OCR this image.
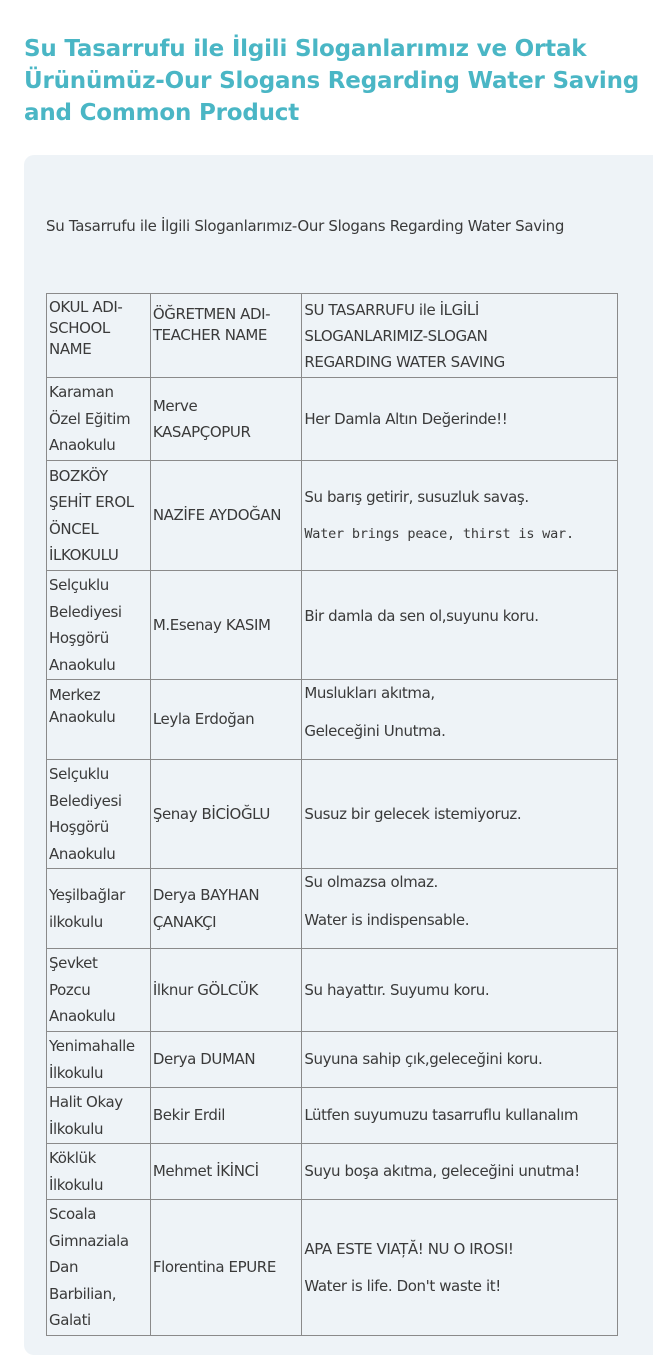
Su Tasarrufu ile İlgili Sloganlarımız ve Ortak Ürünümüz-Our Slogans Regarding Water Saving and Common Product

Su Tasarrufu ile İlgili Sloganlarımız-Our Slogans Regarding Water Saving

OKUL ADI-
SCHOOL
NAME	ÖĞRETMEN ADI-
TEACHER NAME	SU TASARRUFU ile İLGİLİ
SLOGANLARIMIZ-SLOGAN
REGARDING WATER SAVING

Karaman
Özel Eğitim
Anaokulu	Merve
KASAPÇOPUR	Her Damla Altın Değerinde!!

BOZKÖY
ŞEHİT EROL
ÖNCEL
İLKOKULU	NAZİFE AYDOĞAN	Su barış getirir, susuzluk savaş.
Water brings peace, thirst is war.

Selçuklu
Belediyesi
Hoşgörü
Anaokulu	M.Esenay KASIM	Bir damla da sen ol,suyunu koru.

Merkez
Anaokulu	Leyla Erdoğan	Muslukları akıtma,
Geleceğini Unutma.

Selçuklu
Belediyesi
Hoşgörü
Anaokulu	Şenay BİCİOĞLU	Susuz bir gelecek istemiyoruz.

Yeşilbağlar
ilkokulu	Derya BAYHAN
ÇANAKÇI	Su olmazsa olmaz.
Water is indispensable.

Şevket
Pozcu
Anaokulu	İlknur GÖLCÜK	Su hayattır. Suyumu koru.

Yenimahalle
İlkokulu	Derya DUMAN	Suyuna sahip çık,geleceğini koru.

Halit Okay
İlkokulu	Bekir Erdil	Lütfen suyumuzu tasarruflu kullanalım

Köklük
İlkokulu	Mehmet İKİNCİ	Suyu boşa akıtma, geleceğini unutma!

Scoala
Gimnaziala
Dan
Barbilian,
Galati	Florentina EPURE	APA ESTE VIAȚĂ! NU O IROSI!
Water is life. Don't waste it!
